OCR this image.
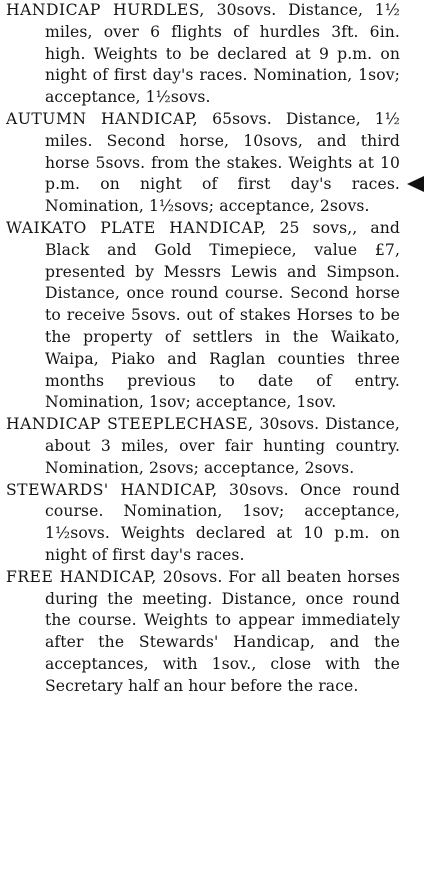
HANDICAP HURDLES, 30sovs. Distance, 1½ miles, over 6 flights of hurdles 3ft. 6in. high. Weights to be declared at 9 p.m. on night of first day's races. Nomination, 1sov; acceptance, 1½sovs.

AUTUMN HANDICAP, 65sovs. Distance, 1½ miles. Second horse, 10sovs, and third horse 5sovs. from the stakes. Weights at 10 p.m. on night of first day's races. Nomination, 1½sovs; acceptance, 2sovs.

WAIKATO PLATE HANDICAP, 25 sovs,, and Black and Gold Timepiece, value £7, presented by Messrs Lewis and Simpson. Distance, once round course. Second horse to receive 5sovs. out of stakes Horses to be the property of settlers in the Waikato, Waipa, Piako and Raglan counties three months previous to date of entry. Nomination, 1sov; acceptance, 1sov.

HANDICAP STEEPLECHASE, 30sovs. Distance, about 3 miles, over fair hunting country. Nomination, 2sovs; acceptance, 2sovs.

STEWARDS' HANDICAP, 30sovs. Once round course. Nomination, 1sov; acceptance, 1½sovs. Weights declared at 10 p.m. on night of first day's races.

FREE HANDICAP, 20sovs. For all beaten horses during the meeting. Distance, once round the course. Weights to appear immediately after the Stewards' Handicap, and the acceptances, with 1sov., close with the Secretary half an hour before the race.
